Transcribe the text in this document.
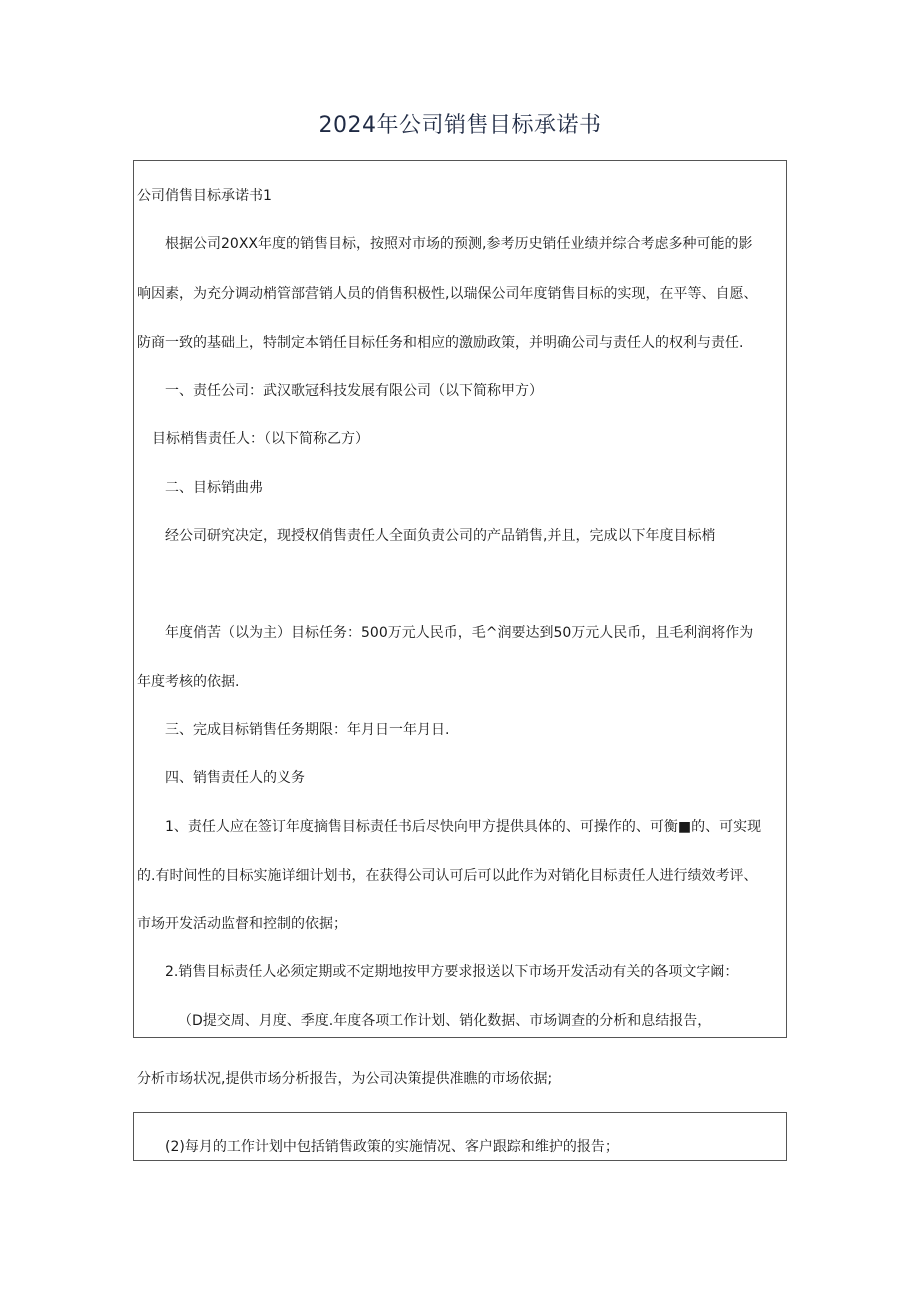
2024年公司销售目标承诺书
公司俏售目标承诺书1
根据公司20XX年度的销售目标，按照对市场的预测,参考历史销任业绩并综合考虑多种可能的影
响因素，为充分调动梢管部营销人员的俏售积极性,以瑞保公司年度销售目标的实现，在平等、自愿、
防商一致的基础上，特制定本销任目标任务和相应的激励政策，并明确公司与责任人的权利与责任.
一、责任公司：武汉歌冠科技发展有限公司（以下简称甲方）
目标梢售责任人：（以下简称乙方）
二、目标销曲弗
经公司研究决定，现授权俏售责任人全面负责公司的产品销售,并且，完成以下年度目标梢
年度俏苦（以为主）目标任务：500万元人民币，毛^润要达到50万元人民币，且毛利润将作为
年度考核的依据.
三、完成目标销售任务期限：年月日一年月日.
四、销售责任人的义务
1、责任人应在签订年度摘售目标责任书后尽快向甲方提供具体的、可操作的、可衡■的、可实现
的.有时间性的目标实施详细计划书，在获得公司认可后可以此作为对销化目标责任人进行绩效考评、
市场开发活动监督和控制的依据；
2.销售目标责任人必须定期或不定期地按甲方要求报送以下市场开发活动有关的各项文字阚：
（D提交周、月度、季度.年度各项工作计划、销化数据、市场调查的分析和息结报告，
分析市场状况,提供市场分析报告，为公司决策提供准瞧的市场依据;
(2)每月的工作计划中包括销售政策的实施情况、客户跟踪和维护的报告；
